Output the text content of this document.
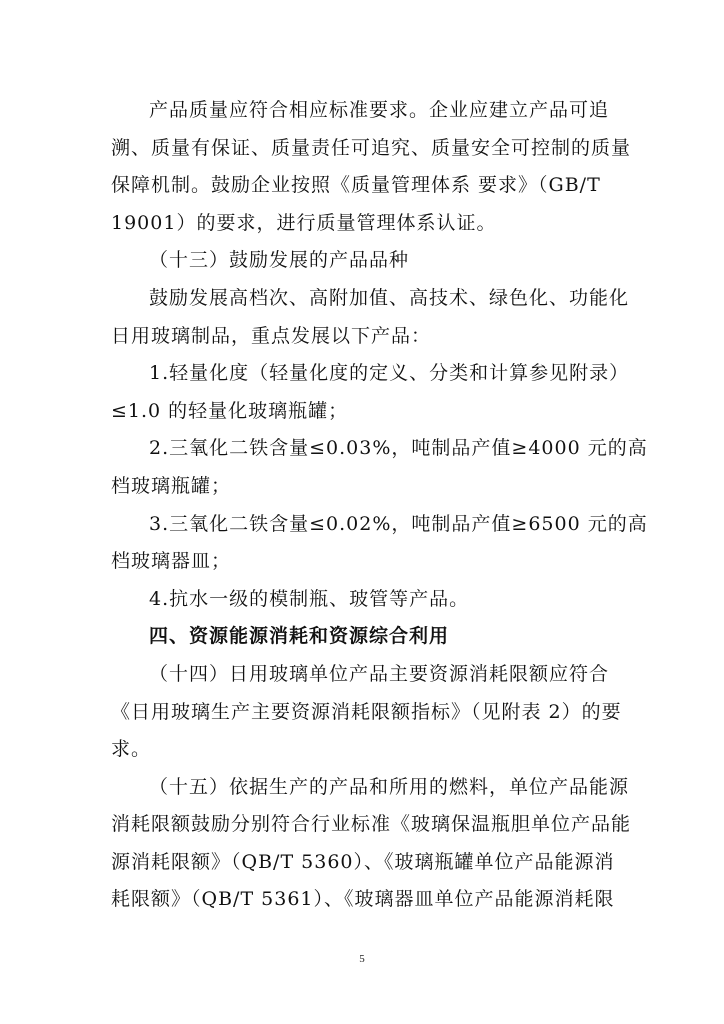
产品质量应符合相应标准要求。企业应建立产品可追
溯、质量有保证、质量责任可追究、质量安全可控制的质量
保障机制。鼓励企业按照《质量管理体系 要求》（GB/T
19001）的要求，进行质量管理体系认证。

（十三）鼓励发展的产品品种

鼓励发展高档次、高附加值、高技术、绿色化、功能化
日用玻璃制品，重点发展以下产品：

1.轻量化度（轻量化度的定义、分类和计算参见附录）
≤1.0 的轻量化玻璃瓶罐；

2.三氧化二铁含量≤0.03%，吨制品产值≥4000 元的高
档玻璃瓶罐；

3.三氧化二铁含量≤0.02%，吨制品产值≥6500 元的高
档玻璃器皿；

4.抗水一级的模制瓶、玻管等产品。

四、资源能源消耗和资源综合利用

（十四）日用玻璃单位产品主要资源消耗限额应符合
《日用玻璃生产主要资源消耗限额指标》（见附表 2）的要
求。

（十五）依据生产的产品和所用的燃料，单位产品能源
消耗限额鼓励分别符合行业标准《玻璃保温瓶胆单位产品能
源消耗限额》（QB/T 5360）、《玻璃瓶罐单位产品能源消
耗限额》（QB/T 5361）、《玻璃器皿单位产品能源消耗限

5
